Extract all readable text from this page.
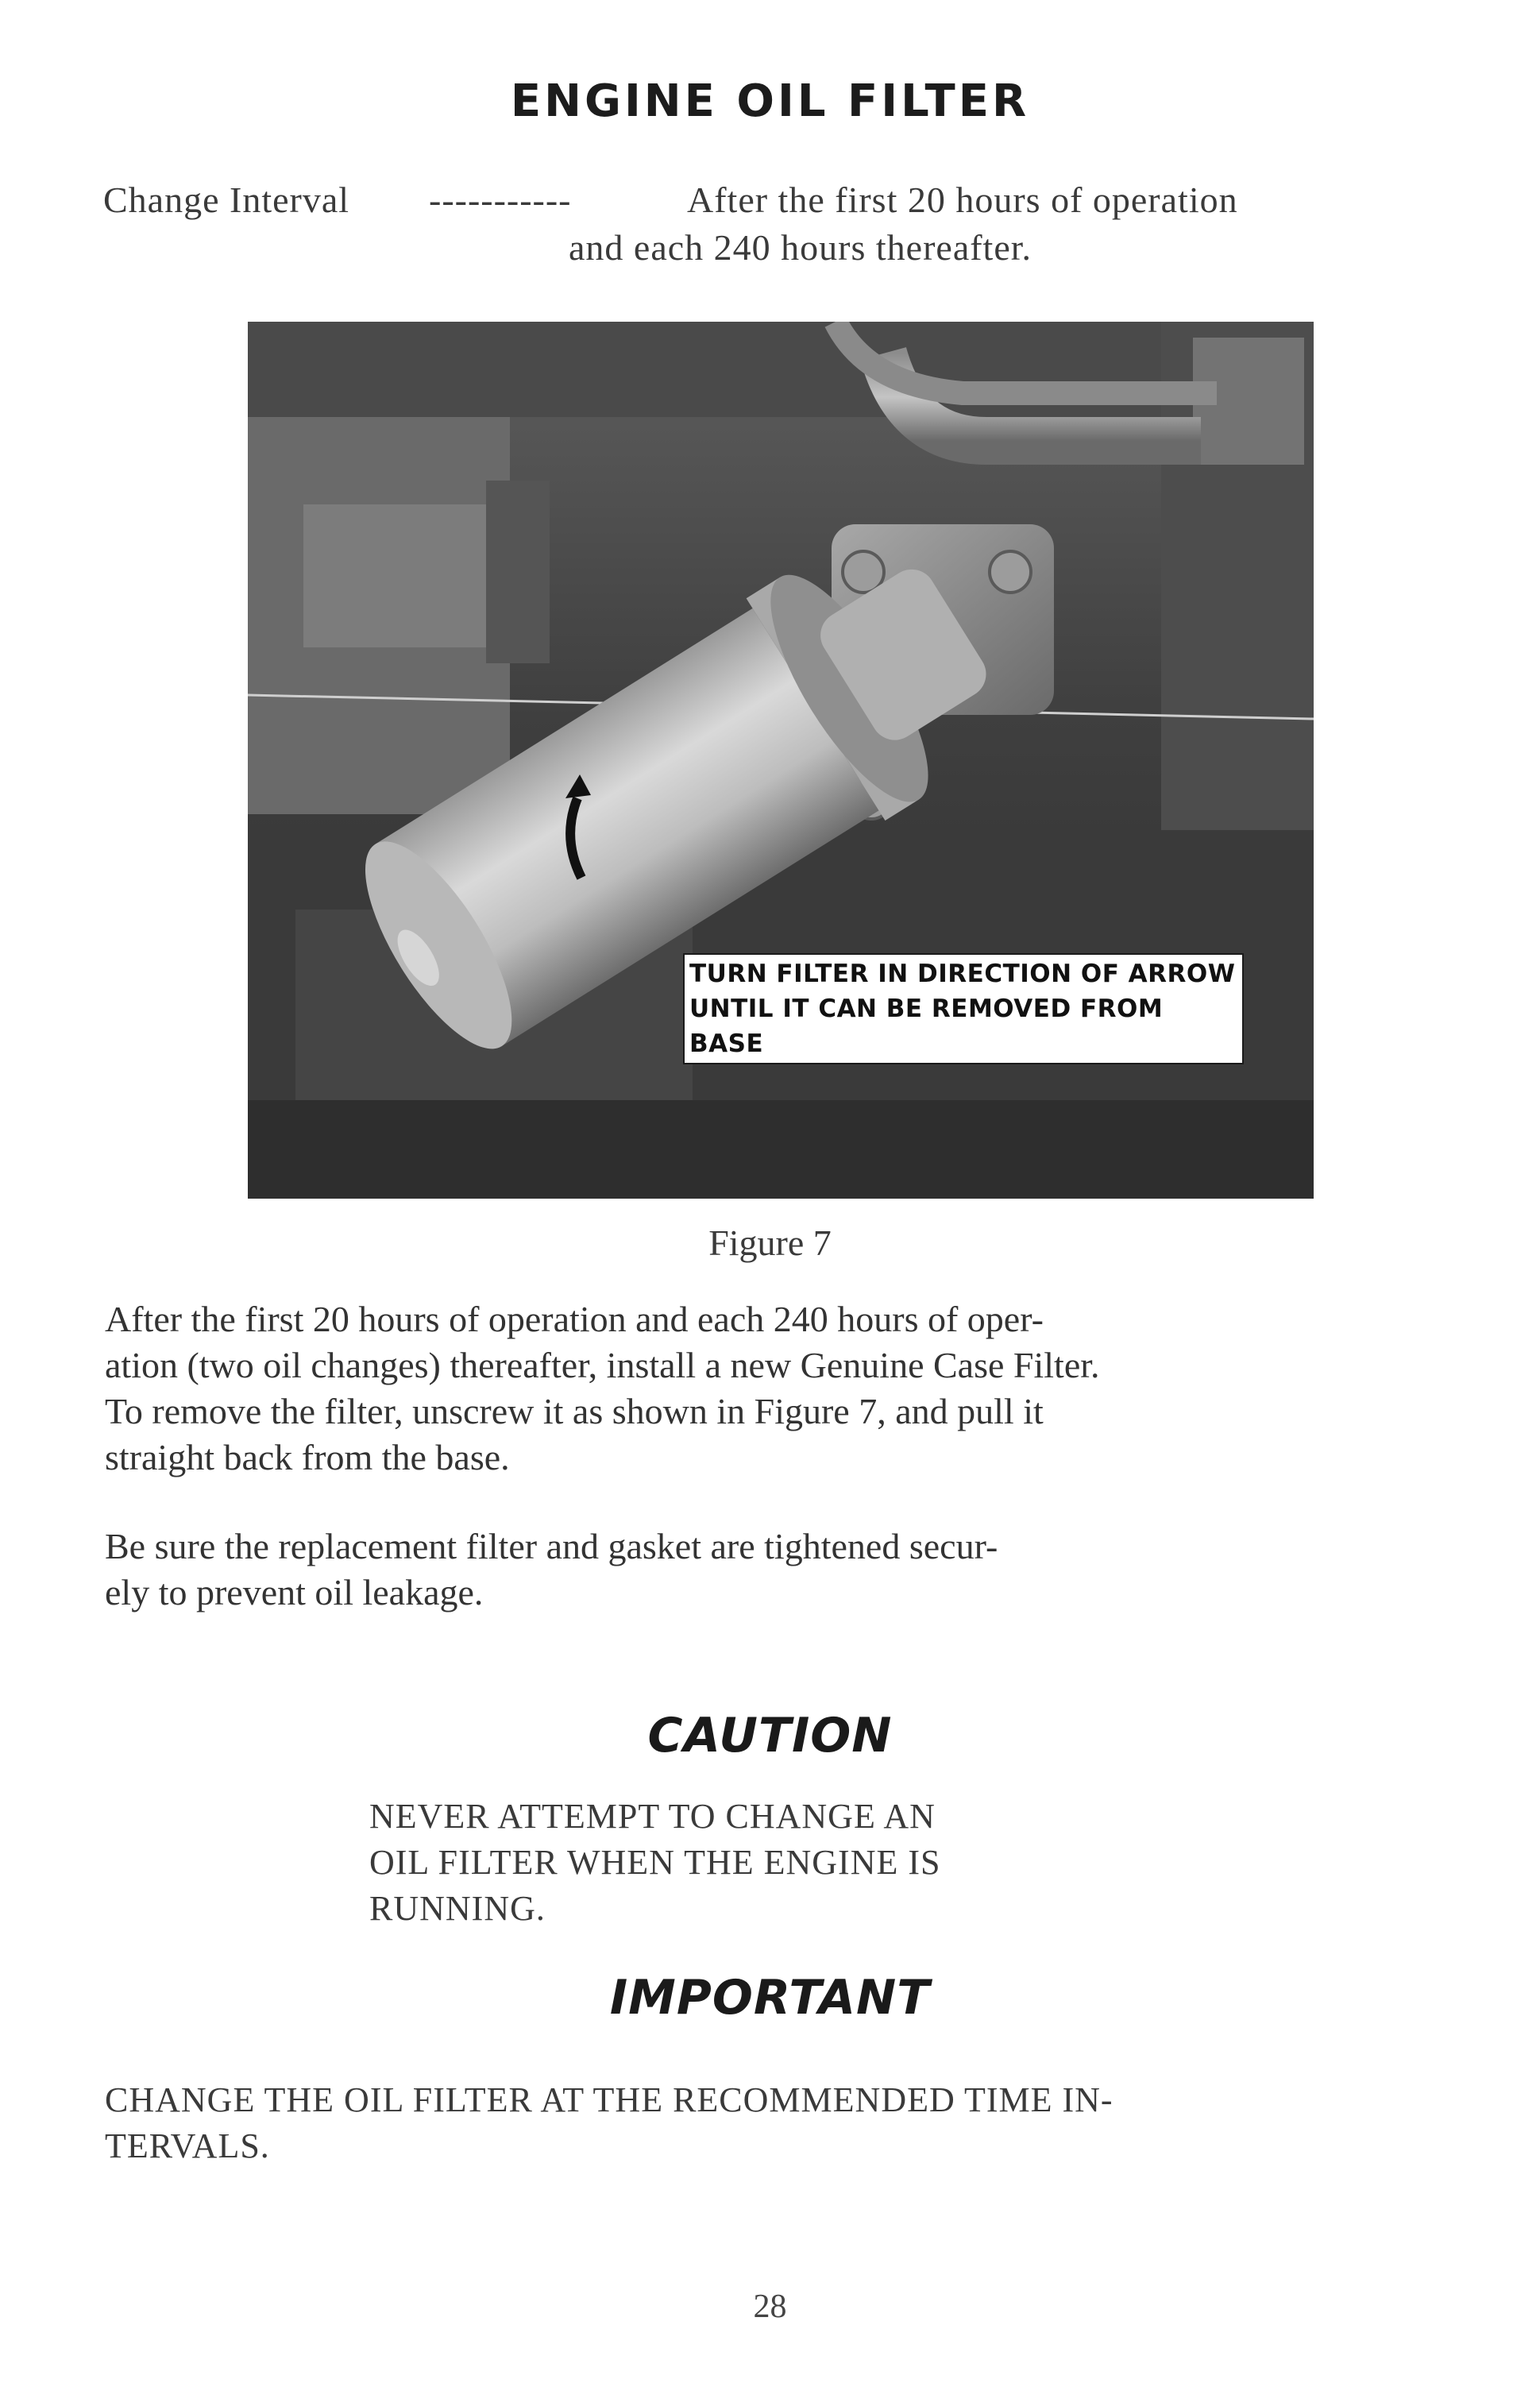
ENGINE OIL FILTER
Change Interval -----------	After the first 20 hours of operation
and each 240 hours thereafter.
TURN FILTER IN DIRECTION OF ARROW
UNTIL IT CAN BE REMOVED FROM BASE
Figure 7
After the first 20 hours of operation and each 240 hours of oper-
ation (two oil changes) thereafter, install a new Genuine Case Filter.
To remove the filter, unscrew it as shown in Figure 7, and pull it
straight back from the base.
Be sure the replacement filter and gasket are tightened secur-
ely to prevent oil leakage.
CAUTION
NEVER ATTEMPT TO CHANGE AN
OIL FILTER WHEN THE ENGINE IS
RUNNING.
IMPORTANT
CHANGE THE OIL FILTER AT THE RECOMMENDED TIME IN-
TERVALS.
28
